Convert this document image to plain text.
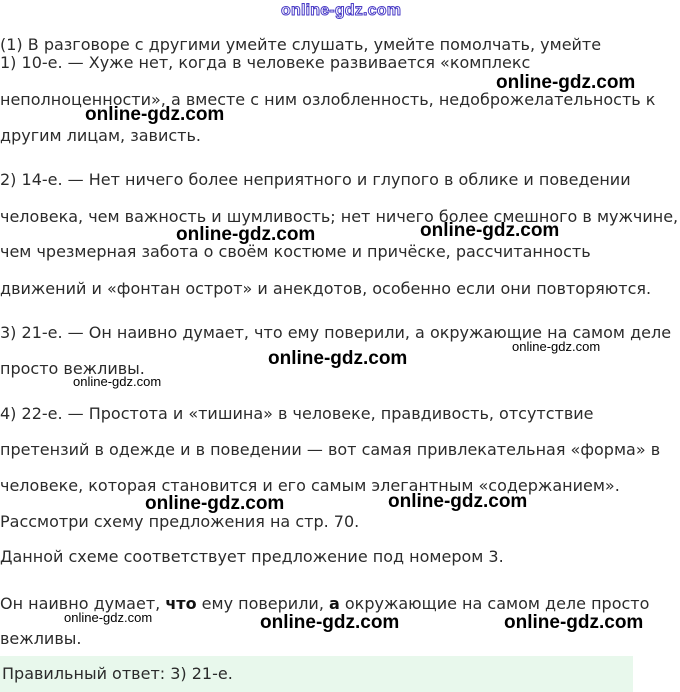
online-gdz.com
(1) В разговоре с другими умейте слушать, умейте помолчать, умейте
1) 10-е. — Хуже нет, когда в человеке развивается «комплекс
неполноценности», а вместе с ним озлобленность, недоброжелательность к
другим лицам, зависть.
2) 14-е. — Нет ничего более неприятного и глупого в облике и поведении
человека, чем важность и шумливость; нет ничего более смешного в мужчине,
чем чрезмерная забота о своём костюме и причёске, рассчитанность
движений и «фонтан острот» и анекдотов, особенно если они повторяются.
3) 21-е. — Он наивно думает, что ему поверили, а окружающие на самом деле
просто вежливы.
4) 22-е. — Простота и «тишина» в человеке, правдивость, отсутствие
претензий в одежде и в поведении — вот самая привлекательная «форма» в
человеке, которая становится и его самым элегантным «содержанием».
Рассмотри схему предложения на стр. 70.
Данной схеме соответствует предложение под номером 3.
Он наивно думает, что ему поверили, а окружающие на самом деле просто
вежливы.
Правильный ответ: 3) 21-е.
online-gdz.com
online-gdz.com
online-gdz.com	online-gdz.com
online-gdz.com
online-gdz.com
online-gdz.com
online-gdz.com	online-gdz.com
online-gdz.com	online-gdz.com	online-gdz.com
